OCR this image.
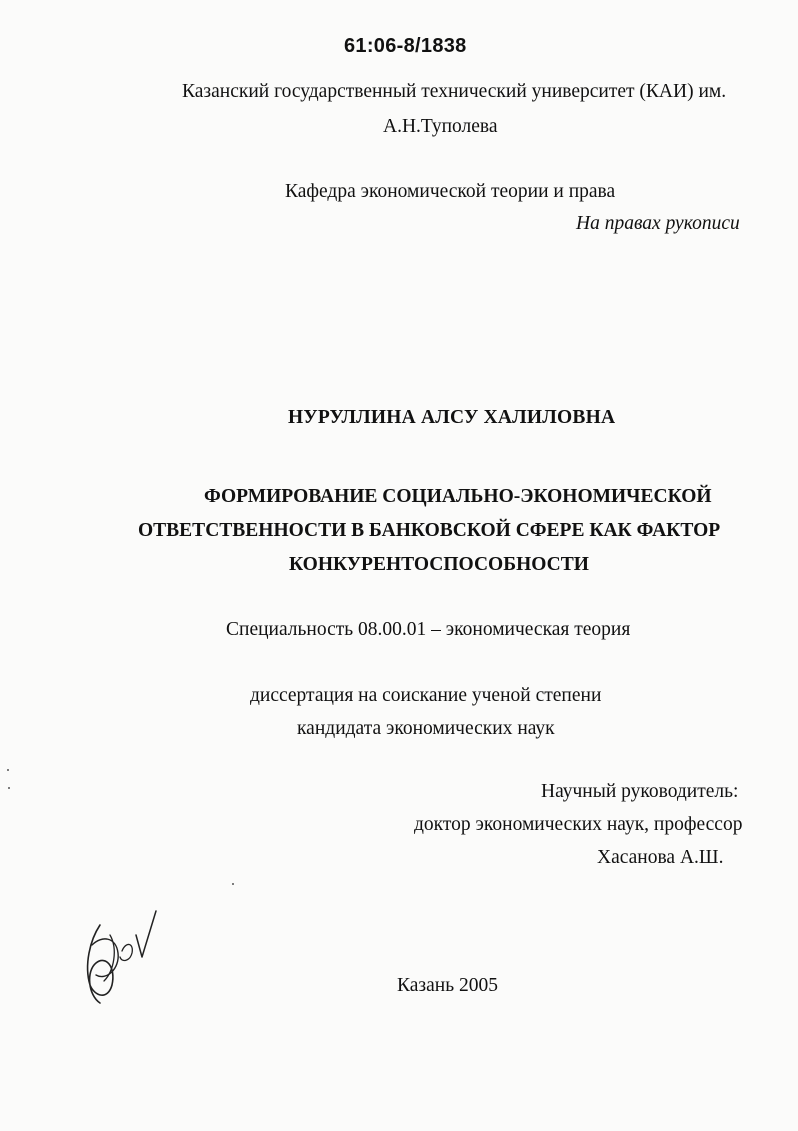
61:06-8/1838
Казанский государственный технический университет (КАИ) им.
А.Н.Туполева
Кафедра экономической теории и права
На правах рукописи
НУРУЛЛИНА АЛСУ ХАЛИЛОВНА
ФОРМИРОВАНИЕ СОЦИАЛЬНО-ЭКОНОМИЧЕСКОЙ
ОТВЕТСТВЕННОСТИ В БАНКОВСКОЙ СФЕРЕ КАК ФАКТОР
КОНКУРЕНТОСПОСОБНОСТИ
Специальность 08.00.01 – экономическая теория
диссертация на соискание ученой степени
кандидата экономических наук
Научный руководитель:
доктор экономических наук, профессор
Хасанова А.Ш.
Казань 2005
